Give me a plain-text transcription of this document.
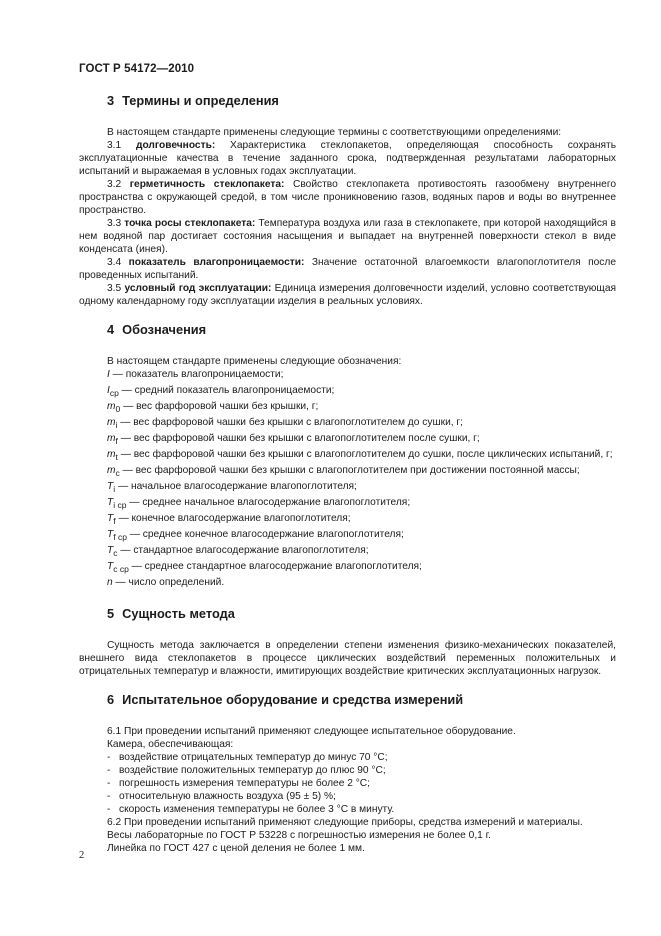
ГОСТ Р 54172—2010
3 Термины и определения

В настоящем стандарте применены следующие термины с соответствующими определениями:

3.1 долговечность: Характеристика стеклопакетов, определяющая способность сохранять эксплуатационные качества в течение заданного срока, подтвержденная результатами лабораторных испытаний и выражаемая в условных годах эксплуатации.

3.2 герметичность стеклопакета: Свойство стеклопакета противостоять газообмену внутреннего пространства с окружающей средой, в том числе проникновению газов, водяных паров и воды во внутреннее пространство.

3.3 точка росы стеклопакета: Температура воздуха или газа в стеклопакете, при которой находящийся в нем водяной пар достигает состояния насыщения и выпадает на внутренней поверхности стекол в виде конденсата (инея).

3.4 показатель влагопроницаемости: Значение остаточной влагоемкости влагопоглотителя после проведенных испытаний.

3.5 условный год эксплуатации: Единица измерения долговечности изделий, условно соответствующая одному календарному году эксплуатации изделия в реальных условиях.

4 Обозначения

В настоящем стандарте применены следующие обозначения:

I — показатель влагопроницаемости;

$I_{ср}$ — средний показатель влагопроницаемости;

$m_0$ — вес фарфоровой чашки без крышки, г;

$m_i$ — вес фарфоровой чашки без крышки с влагопоглотителем до сушки, г;

$m_f$ — вес фарфоровой чашки без крышки с влагопоглотителем после сушки, г;

$m_t$ — вес фарфоровой чашки без крышки с влагопоглотителем до сушки, после циклических испытаний, г;

$m_c$ — вес фарфоровой чашки без крышки с влагопоглотителем при достижении постоянной массы;

$T_i$ — начальное влагосодержание влагопоглотителя;

$T_{i ср}$ — среднее начальное влагосодержание влагопоглотителя;

$T_f$ — конечное влагосодержание влагопоглотителя;

$T_{f ср}$ — среднее конечное влагосодержание влагопоглотителя;

$T_c$ — стандартное влагосодержание влагопоглотителя;

$T_{c ср}$ — среднее стандартное влагосодержание влагопоглотителя;

n — число определений.

5 Сущность метода

Сущность метода заключается в определении степени изменения физико-механических показателей, внешнего вида стеклопакетов в процессе циклических воздействий переменных положительных и отрицательных температур и влажности, имитирующих воздействие критических эксплуатационных нагрузок.

6 Испытательное оборудование и средства измерений

6.1 При проведении испытаний применяют следующее испытательное оборудование.

Камера, обеспечивающая:

- воздействие отрицательных температур до минус 70 °С;

- воздействие положительных температур до плюс 90 °С;

- погрешность измерения температуры не более 2 °С;

- относительную влажность воздуха (95 ± 5) %;

- скорость изменения температуры не более 3 °С в минуту.

6.2 При проведении испытаний применяют следующие приборы, средства измерений и материалы.

Весы лабораторные по ГОСТ Р 53228 с погрешностью измерения не более 0,1 г.

Линейка по ГОСТ 427 с ценой деления не более 1 мм.

2
